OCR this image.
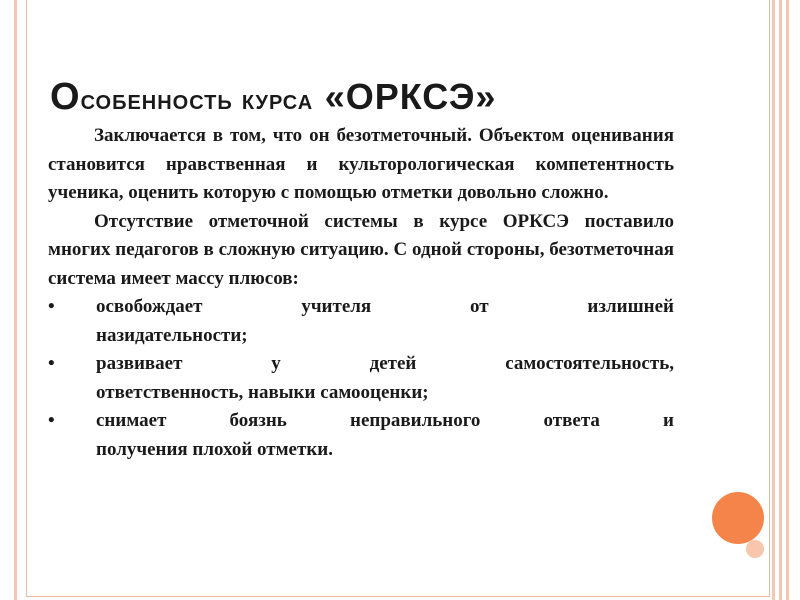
Особенность курса «ОРКСЭ»

Заключается в том, что он безотметочный. Объектом оценивания становится нравственная и культорологическая компетентность ученика, оценить которую с помощью отметки довольно сложно.

Отсутствие отметочной системы в курсе ОРКСЭ поставило многих педагогов в сложную ситуацию. С одной стороны, безотметочная система имеет массу плюсов:

•	освобождает учителя от излишней
назидательности;
•	развивает у детей самостоятельность,
ответственность, навыки самооценки;
•	снимает боязнь неправильного ответа и
получения плохой отметки.
